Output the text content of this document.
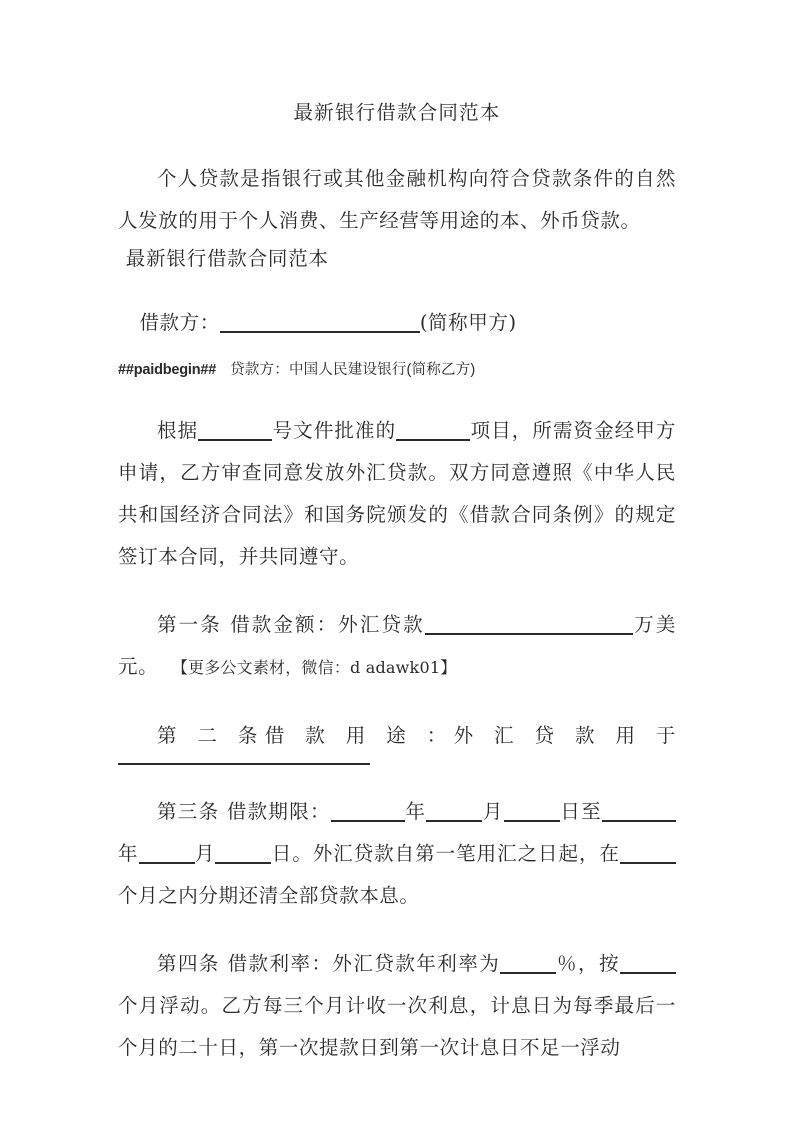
最新银行借款合同范本

个人贷款是指银行或其他金融机构向符合贷款条件的自然人发放的用于个人消费、生产经营等用途的本、外币贷款。

最新银行借款合同范本

借款方：	(简称甲方)

##paidbegin## 贷款方：中国人民建设银行(简称乙方)

根据	号文件批准的	项目，所需资金经甲方申请，乙方审查同意发放外汇贷款。双方同意遵照《中华人民共和国经济合同法》和国务院颁发的《借款合同条例》的规定签订本合同，并共同遵守。

第一条 借款金额：外汇贷款	万美元。 【更多公文素材，微信：d adawk01】

第 二 条借 款 用 途 ：外 汇 贷 款 用 于

第三条 借款期限：	年	月	日至年	月	日。外汇贷款自第一笔用汇之日起，在个月之内分期还清全部贷款本息。

第四条 借款利率：外汇贷款年利率为	％，按个月浮动。乙方每三个月计收一次利息，计息日为每季最后一个月的二十日，第一次提款日到第一次计息日不足一浮动
